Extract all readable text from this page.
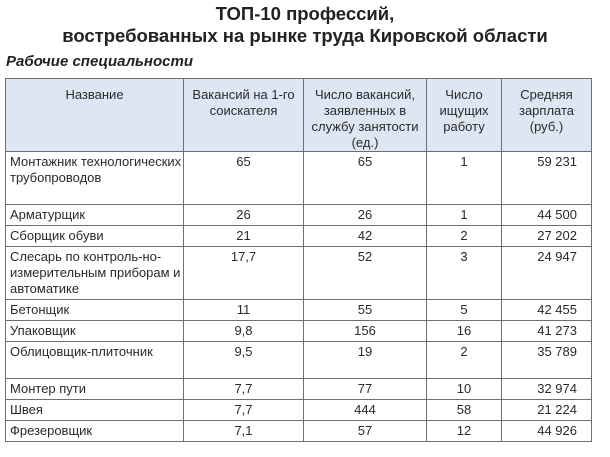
ТОП-10 профессий,
востребованных на рынке труда Кировской области
Рабочие специальности
Название	Вакансий на 1-го соискателя	Число вакансий, заявленных в службу занятости (ед.)	Число ищущих работу	Средняя зарплата (руб.)
Монтажник технологических трубопроводов	65	65	1	59 231
Арматурщик	26	26	1	44 500
Сборщик обуви	21	42	2	27 202
Слесарь по контроль-но-измерительным приборам и автоматике	17,7	52	3	24 947
Бетонщик	11	55	5	42 455
Упаковщик	9,8	156	16	41 273
Облицовщик-плиточник	9,5	19	2	35 789
Монтер пути	7,7	77	10	32 974
Швея	7,7	444	58	21 224
Фрезеровщик	7,1	57	12	44 926
